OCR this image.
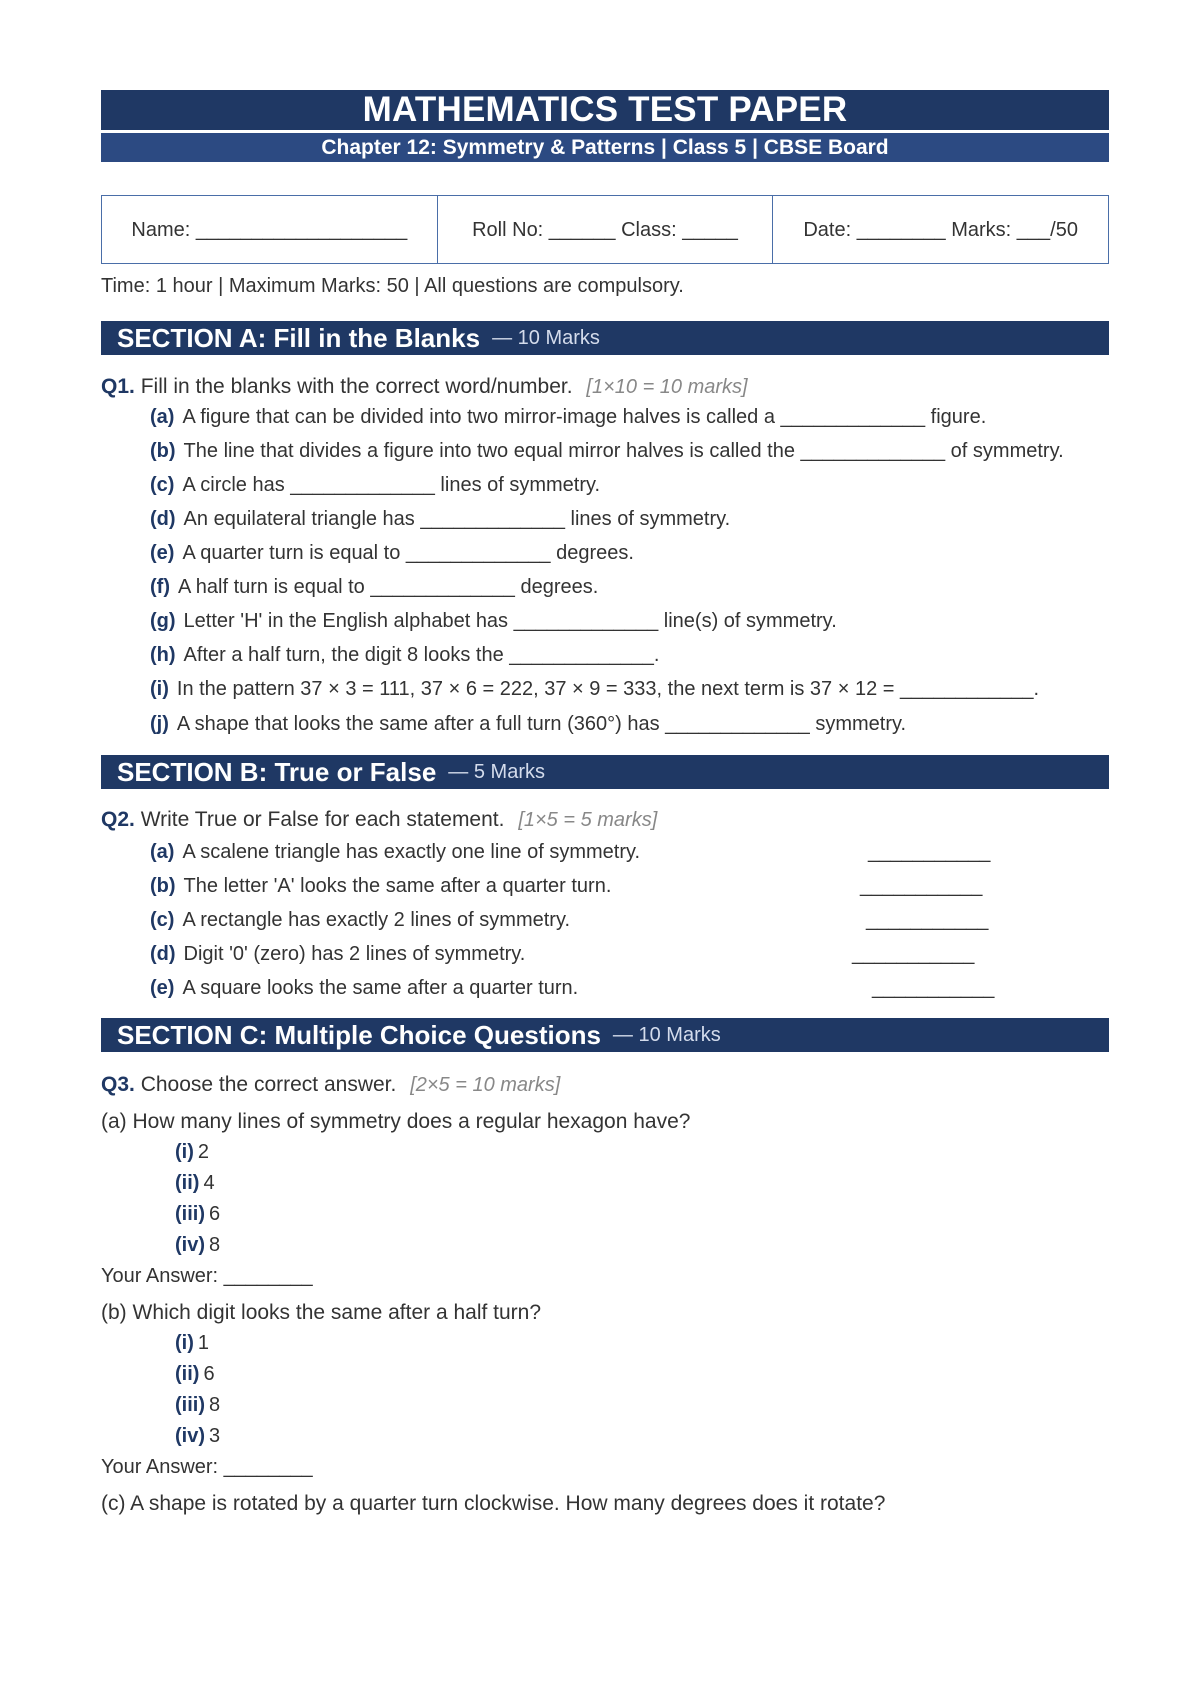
MATHEMATICS TEST PAPER
Chapter 12: Symmetry & Patterns | Class 5 | CBSE Board
Name: ___________________	Roll No: ______ Class: _____	Date: ________ Marks: ___/50
Time: 1 hour | Maximum Marks: 50 | All questions are compulsory.
SECTION A: Fill in the Blanks — 10 Marks
Q1. Fill in the blanks with the correct word/number. [1×10 = 10 marks]
(a) A figure that can be divided into two mirror-image halves is called a _____________ figure.
(b) The line that divides a figure into two equal mirror halves is called the _____________ of symmetry.
(c) A circle has _____________ lines of symmetry.
(d) An equilateral triangle has _____________ lines of symmetry.
(e) A quarter turn is equal to _____________ degrees.
(f) A half turn is equal to _____________ degrees.
(g) Letter 'H' in the English alphabet has _____________ line(s) of symmetry.
(h) After a half turn, the digit 8 looks the _____________.
(i) In the pattern 37 × 3 = 111, 37 × 6 = 222, 37 × 9 = 333, the next term is 37 × 12 = ____________.
(j) A shape that looks the same after a full turn (360°) has _____________ symmetry.
SECTION B: True or False — 5 Marks
Q2. Write True or False for each statement. [1×5 = 5 marks]
(a) A scalene triangle has exactly one line of symmetry.	___________
(b) The letter 'A' looks the same after a quarter turn.	___________
(c) A rectangle has exactly 2 lines of symmetry.	___________
(d) Digit '0' (zero) has 2 lines of symmetry.	___________
(e) A square looks the same after a quarter turn.	___________
SECTION C: Multiple Choice Questions — 10 Marks
Q3. Choose the correct answer. [2×5 = 10 marks]
(a) How many lines of symmetry does a regular hexagon have?
(i) 2
(ii) 4
(iii) 6
(iv) 8
Your Answer: ________
(b) Which digit looks the same after a half turn?
(i) 1
(ii) 6
(iii) 8
(iv) 3
Your Answer: ________
(c) A shape is rotated by a quarter turn clockwise. How many degrees does it rotate?
